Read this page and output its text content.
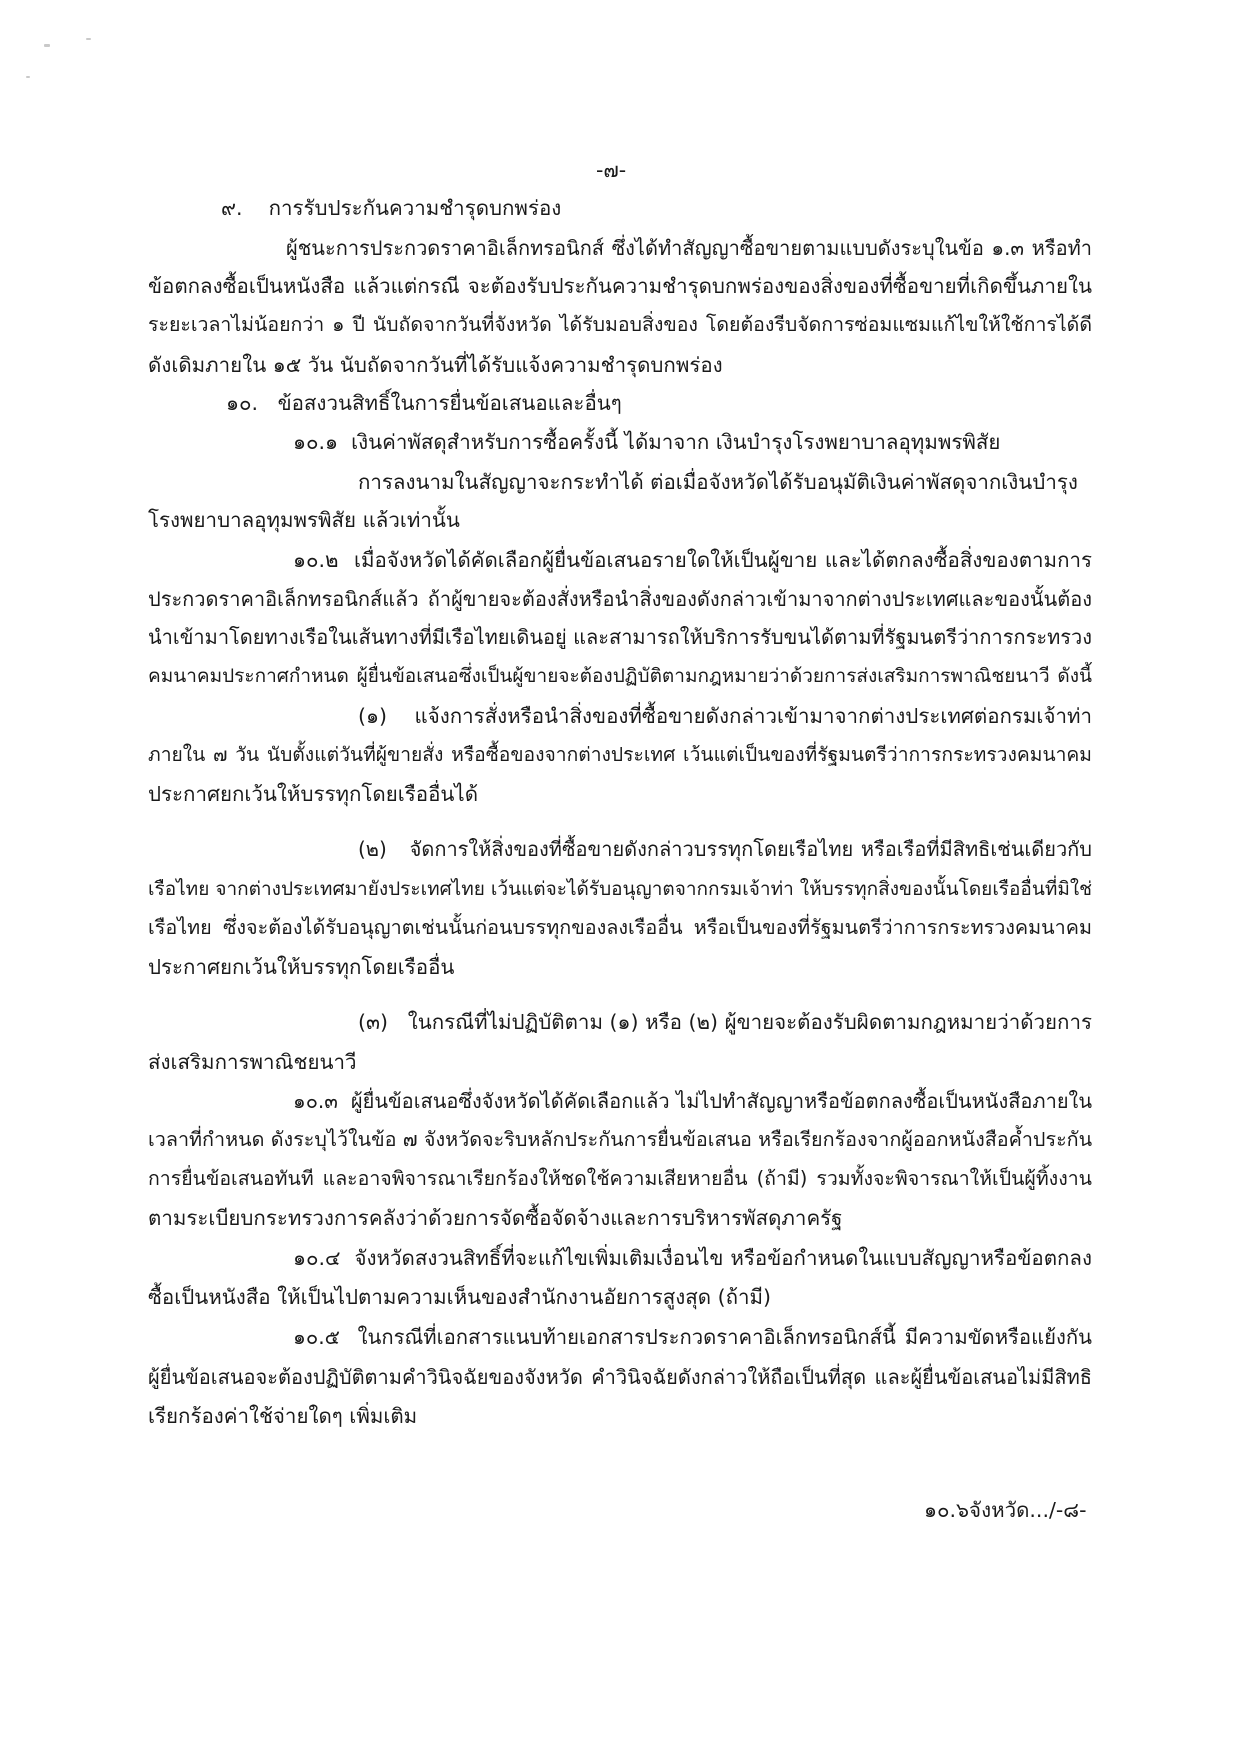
-๗-
๙.    การรับประกันความชำรุดบกพร่อง
ผู้ชนะการประกวดราคาอิเล็กทรอนิกส์ ซึ่งได้ทำสัญญาซื้อขายตามแบบดังระบุในข้อ ๑.๓ หรือทำ
ข้อตกลงซื้อเป็นหนังสือ แล้วแต่กรณี จะต้องรับประกันความชำรุดบกพร่องของสิ่งของที่ซื้อขายที่เกิดขึ้นภายใน
ระยะเวลาไม่น้อยกว่า ๑ ปี นับถัดจากวันที่จังหวัด ได้รับมอบสิ่งของ โดยต้องรีบจัดการซ่อมแซมแก้ไขให้ใช้การได้ดี
ดังเดิมภายใน ๑๕ วัน นับถัดจากวันที่ได้รับแจ้งความชำรุดบกพร่อง
๑๐.   ข้อสงวนสิทธิ์ในการยื่นข้อเสนอและอื่นๆ
๑๐.๑  เงินค่าพัสดุสำหรับการซื้อครั้งนี้ ได้มาจาก เงินบำรุงโรงพยาบาลอุทุมพรพิสัย
การลงนามในสัญญาจะกระทำได้ ต่อเมื่อจังหวัดได้รับอนุมัติเงินค่าพัสดุจากเงินบำรุง
โรงพยาบาลอุทุมพรพิสัย แล้วเท่านั้น
๑๐.๒  เมื่อจังหวัดได้คัดเลือกผู้ยื่นข้อเสนอรายใดให้เป็นผู้ขาย และได้ตกลงซื้อสิ่งของตามการ
ประกวดราคาอิเล็กทรอนิกส์แล้ว ถ้าผู้ขายจะต้องสั่งหรือนำสิ่งของดังกล่าวเข้ามาจากต่างประเทศและของนั้นต้อง
นำเข้ามาโดยทางเรือในเส้นทางที่มีเรือไทยเดินอยู่ และสามารถให้บริการรับขนได้ตามที่รัฐมนตรีว่าการกระทรวง
คมนาคมประกาศกำหนด ผู้ยื่นข้อเสนอซึ่งเป็นผู้ขายจะต้องปฏิบัติตามกฎหมายว่าด้วยการส่งเสริมการพาณิชยนาวี ดังนี้
(๑)   แจ้งการสั่งหรือนำสิ่งของที่ซื้อขายดังกล่าวเข้ามาจากต่างประเทศต่อกรมเจ้าท่า
ภายใน ๗ วัน นับตั้งแต่วันที่ผู้ขายสั่ง หรือซื้อของจากต่างประเทศ เว้นแต่เป็นของที่รัฐมนตรีว่าการกระทรวงคมนาคม
ประกาศยกเว้นให้บรรทุกโดยเรืออื่นได้
(๒)   จัดการให้สิ่งของที่ซื้อขายดังกล่าวบรรทุกโดยเรือไทย หรือเรือที่มีสิทธิเช่นเดียวกับ
เรือไทย จากต่างประเทศมายังประเทศไทย เว้นแต่จะได้รับอนุญาตจากกรมเจ้าท่า ให้บรรทุกสิ่งของนั้นโดยเรืออื่นที่มิใช่
เรือไทย ซึ่งจะต้องได้รับอนุญาตเช่นนั้นก่อนบรรทุกของลงเรืออื่น หรือเป็นของที่รัฐมนตรีว่าการกระทรวงคมนาคม
ประกาศยกเว้นให้บรรทุกโดยเรืออื่น
(๓)   ในกรณีที่ไม่ปฏิบัติตาม (๑) หรือ (๒) ผู้ขายจะต้องรับผิดตามกฎหมายว่าด้วยการ
ส่งเสริมการพาณิชยนาวี
๑๐.๓  ผู้ยื่นข้อเสนอซึ่งจังหวัดได้คัดเลือกแล้ว ไม่ไปทำสัญญาหรือข้อตกลงซื้อเป็นหนังสือภายใน
เวลาที่กำหนด ดังระบุไว้ในข้อ ๗ จังหวัดจะริบหลักประกันการยื่นข้อเสนอ หรือเรียกร้องจากผู้ออกหนังสือค้ำประกัน
การยื่นข้อเสนอทันที และอาจพิจารณาเรียกร้องให้ชดใช้ความเสียหายอื่น (ถ้ามี) รวมทั้งจะพิจารณาให้เป็นผู้ทิ้งงาน
ตามระเบียบกระทรวงการคลังว่าด้วยการจัดซื้อจัดจ้างและการบริหารพัสดุภาครัฐ
๑๐.๔  จังหวัดสงวนสิทธิ์ที่จะแก้ไขเพิ่มเติมเงื่อนไข หรือข้อกำหนดในแบบสัญญาหรือข้อตกลง
ซื้อเป็นหนังสือ ให้เป็นไปตามความเห็นของสำนักงานอัยการสูงสุด (ถ้ามี)
๑๐.๕  ในกรณีที่เอกสารแนบท้ายเอกสารประกวดราคาอิเล็กทรอนิกส์นี้ มีความขัดหรือแย้งกัน
ผู้ยื่นข้อเสนอจะต้องปฏิบัติตามคำวินิจฉัยของจังหวัด คำวินิจฉัยดังกล่าวให้ถือเป็นที่สุด และผู้ยื่นข้อเสนอไม่มีสิทธิ
เรียกร้องค่าใช้จ่ายใดๆ เพิ่มเติม
๑๐.๖จังหวัด.../-๘-
